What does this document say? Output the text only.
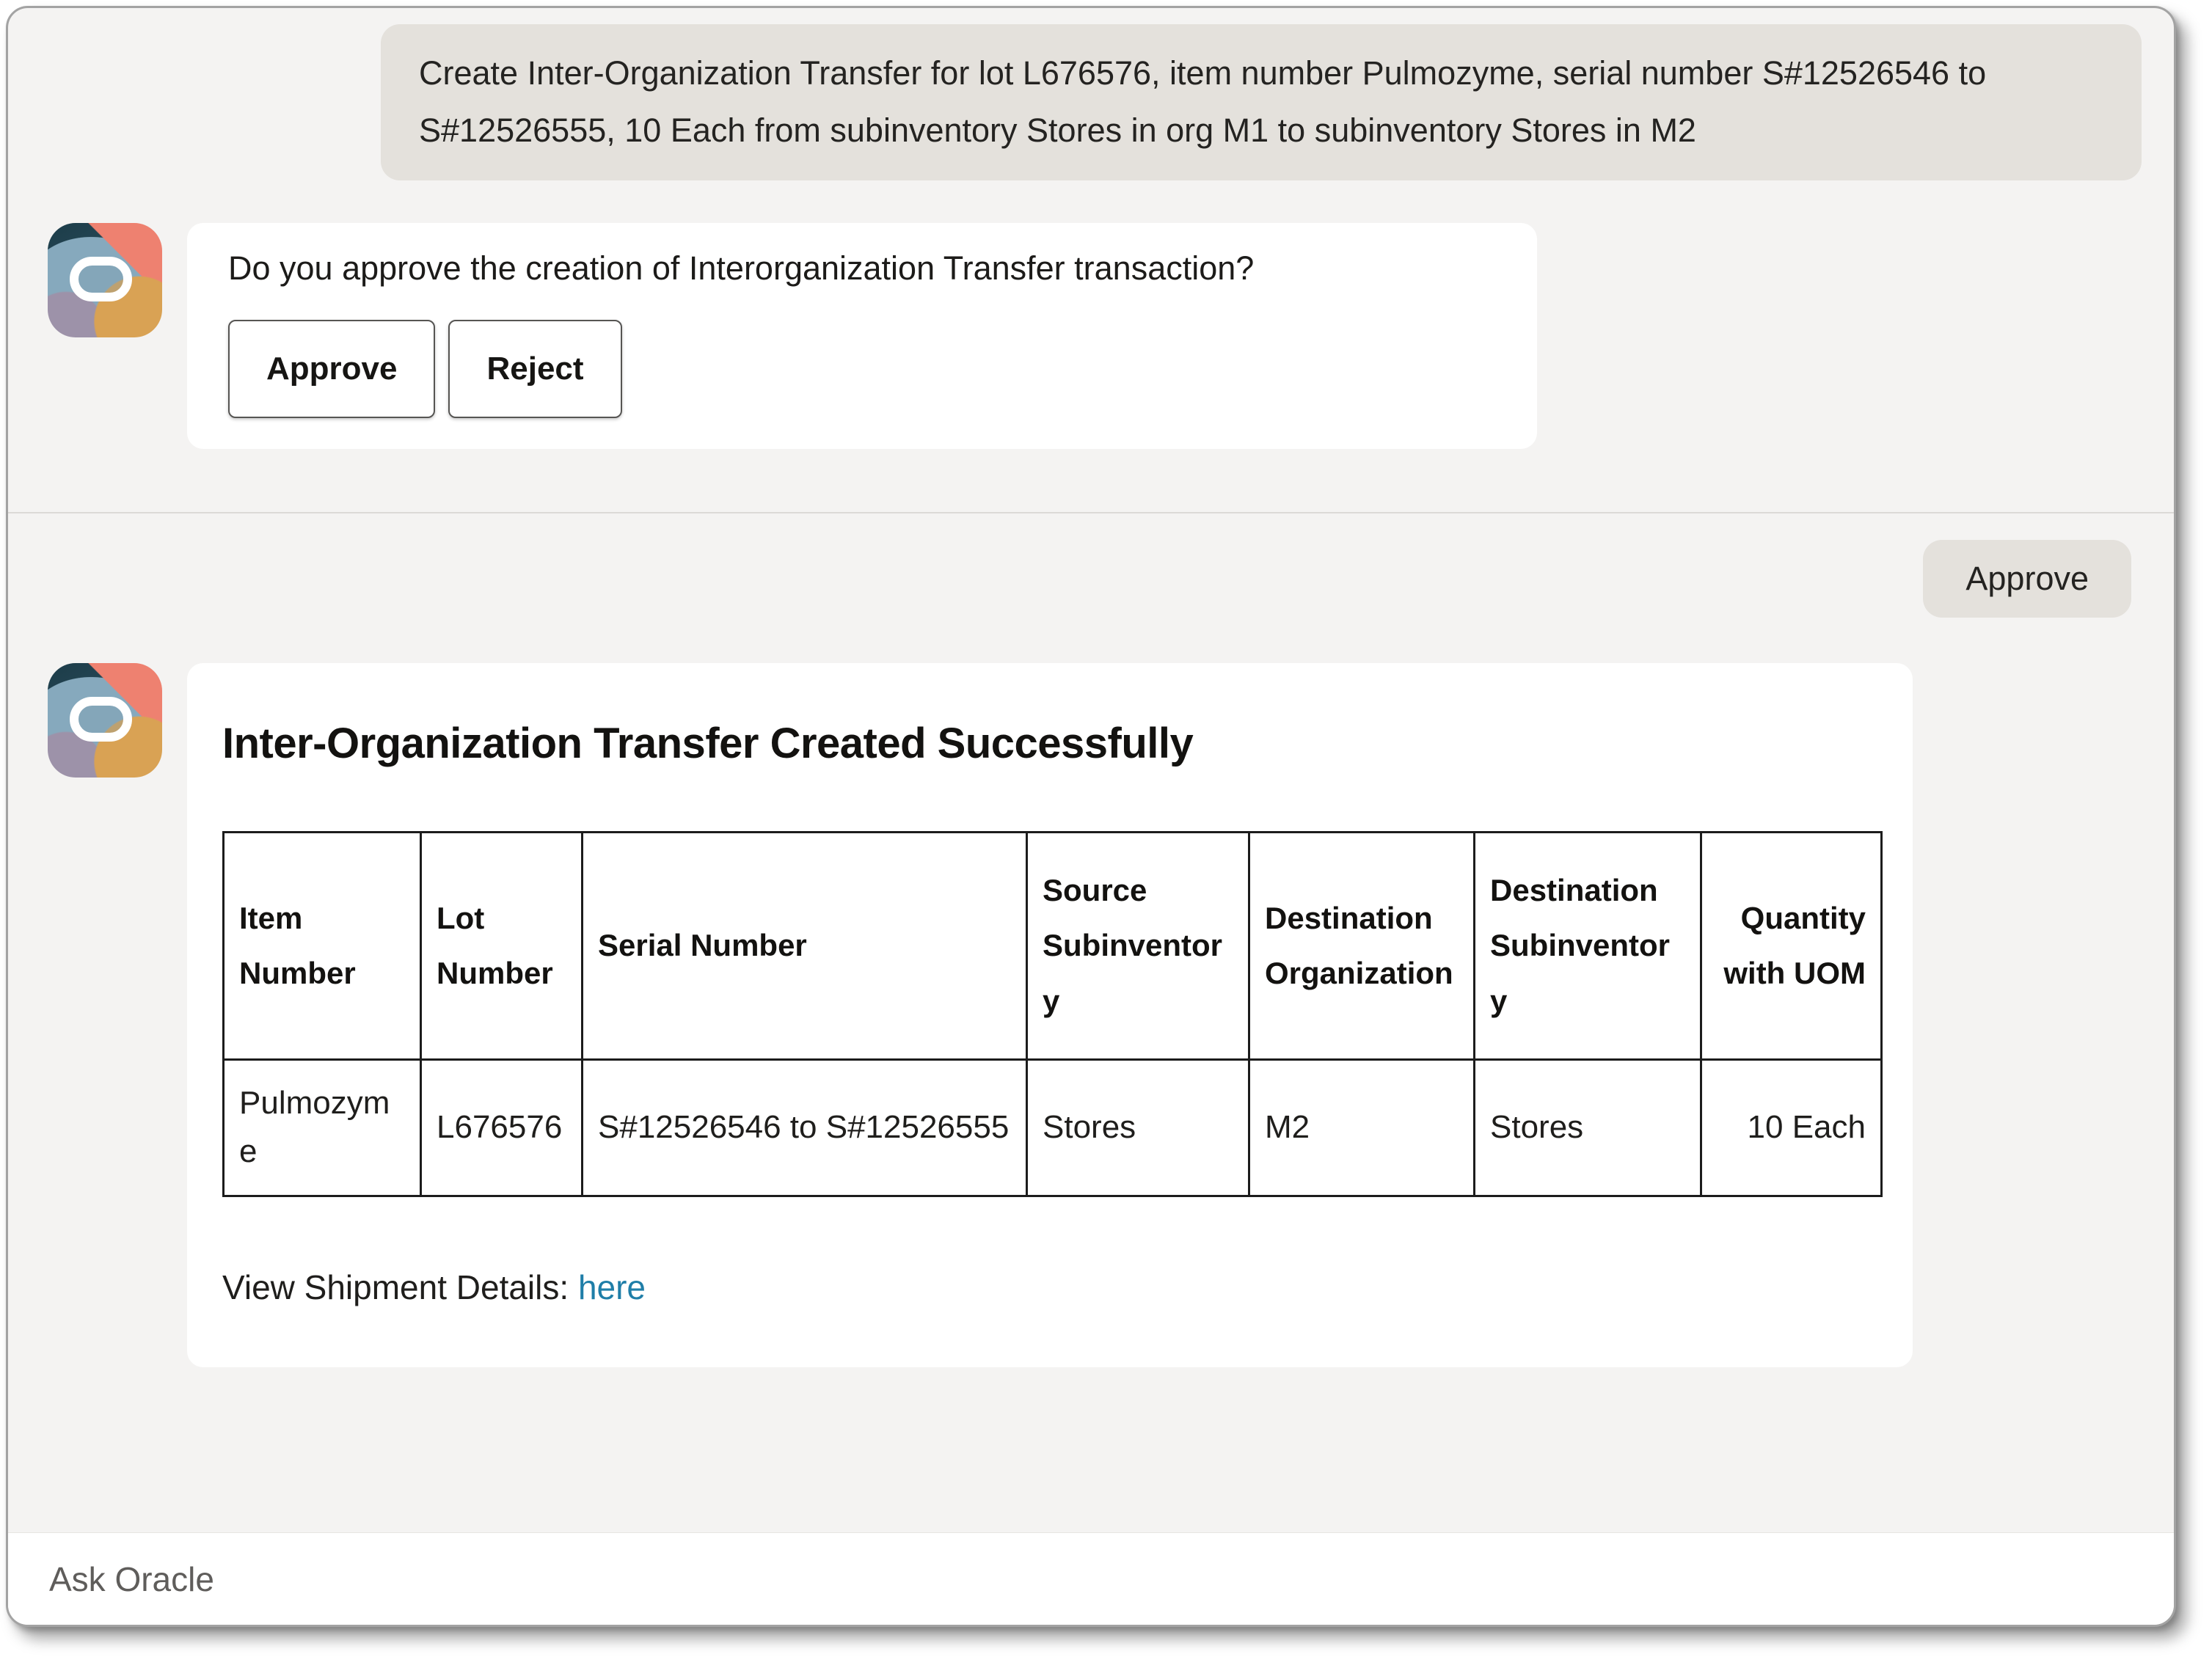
Create Inter-Organization Transfer for lot L676576, item number Pulmozyme, serial number S#12526546 to S#12526555, 10 Each from subinventory Stores in org M1 to subinventory Stores in M2
Do you approve the creation of Interorganization Transfer transaction?
Approve	Reject
Approve
Inter-Organization Transfer Created Successfully
Item Number	Lot Number	Serial Number	Source Subinventory	Destination Organization	Destination Subinventory	Quantity with UOM
Pulmozyme	L676576	S#12526546 to S#12526555	Stores	M2	Stores	10 Each
View Shipment Details: here
Ask Oracle
